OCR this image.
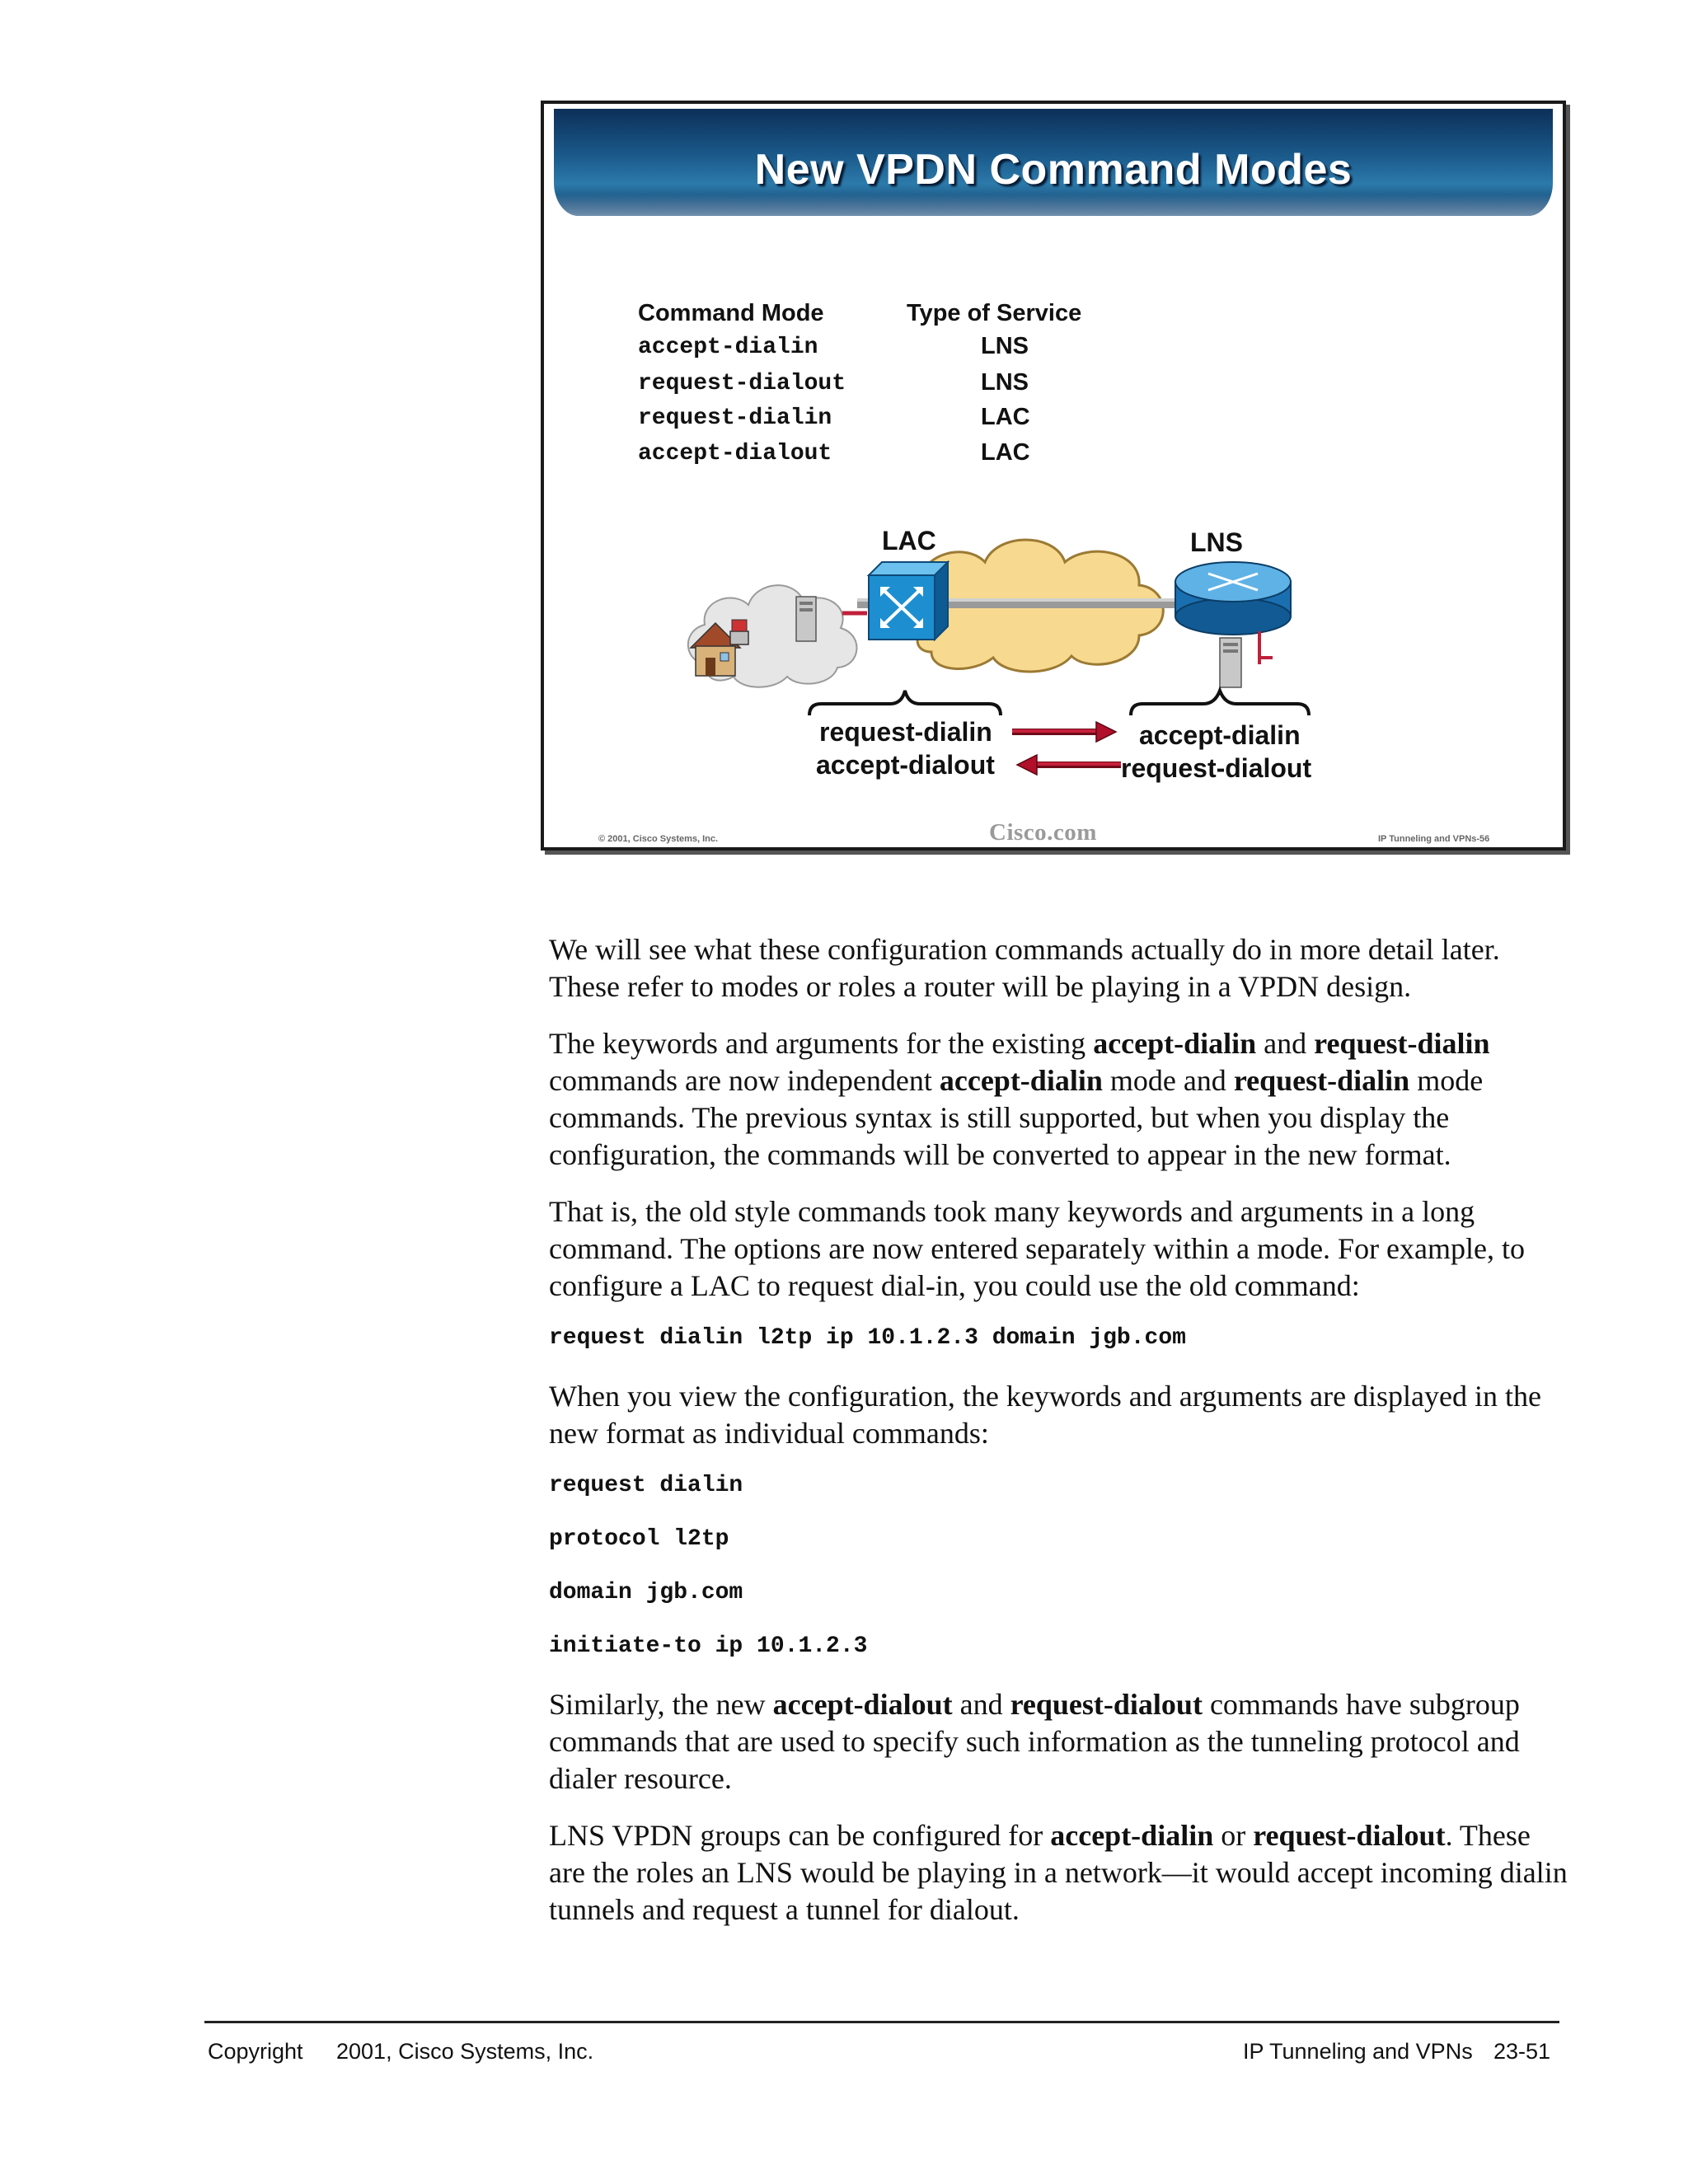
New VPDN Command Modes
Command Mode	Type of Service
accept-dialin	LNS
request-dialout	LNS
request-dialin	LAC
accept-dialout	LAC
LAC	LNS
request-dialin
accept-dialout
accept-dialin
request-dialout
© 2001, Cisco Systems, Inc.	Cisco.com	IP Tunneling and VPNs-56

We will see what these configuration commands actually do in more detail later. These refer to modes or roles a router will be playing in a VPDN design.

The keywords and arguments for the existing accept-dialin and request-dialin commands are now independent accept-dialin mode and request-dialin mode commands. The previous syntax is still supported, but when you display the configuration, the commands will be converted to appear in the new format.

That is, the old style commands took many keywords and arguments in a long command. The options are now entered separately within a mode. For example, to configure a LAC to request dial-in, you could use the old command:

request dialin l2tp ip 10.1.2.3 domain jgb.com

When you view the configuration, the keywords and arguments are displayed in the new format as individual commands:

request dialin
protocol l2tp
domain jgb.com
initiate-to ip 10.1.2.3

Similarly, the new accept-dialout and request-dialout commands have subgroup commands that are used to specify such information as the tunneling protocol and dialer resource.

LNS VPDN groups can be configured for accept-dialin or request-dialout. These are the roles an LNS would be playing in a network—it would accept incoming dialin tunnels and request a tunnel for dialout.

Copyright 2001, Cisco Systems, Inc.	IP Tunneling and VPNs 23-51
